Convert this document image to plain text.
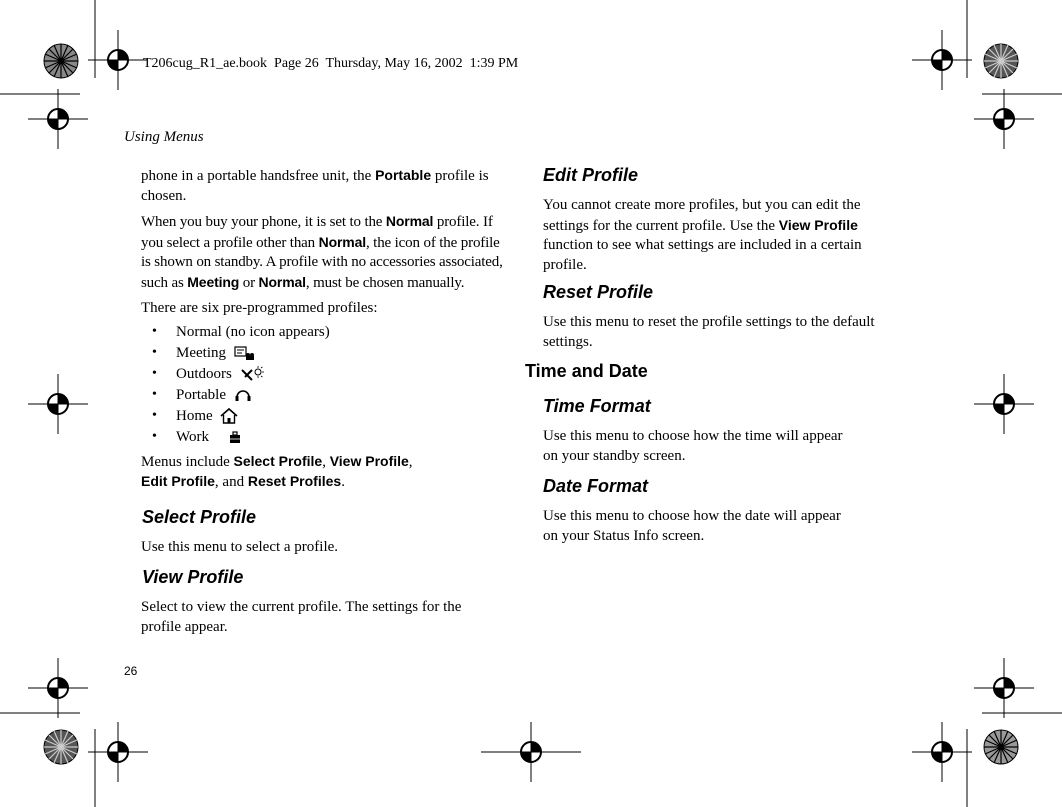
T206cug_R1_ae.book  Page 26  Thursday, May 16, 2002  1:39 PM
Using Menus

phone in a portable handsfree unit, the Portable profile is chosen.

When you buy your phone, it is set to the Normal profile. If you select a profile other than Normal, the icon of the profile is shown on standby. A profile with no accessories associated, such as Meeting or Normal, must be chosen manually.

There are six pre-programmed profiles:

• Normal (no icon appears)
• Meeting
• Outdoors
• Portable
• Home
• Work

Menus include Select Profile, View Profile,
Edit Profile, and Reset Profiles.

Select Profile
Use this menu to select a profile.
View Profile
Select to view the current profile. The settings for the profile appear.
26
Edit Profile
You cannot create more profiles, but you can edit the settings for the current profile. Use the View Profile function to see what settings are included in a certain profile.
Reset Profile
Use this menu to reset the profile settings to the default settings.
Time and Date
Time Format
Use this menu to choose how the time will appear
on your standby screen.
Date Format
Use this menu to choose how the date will appear
on your Status Info screen.
